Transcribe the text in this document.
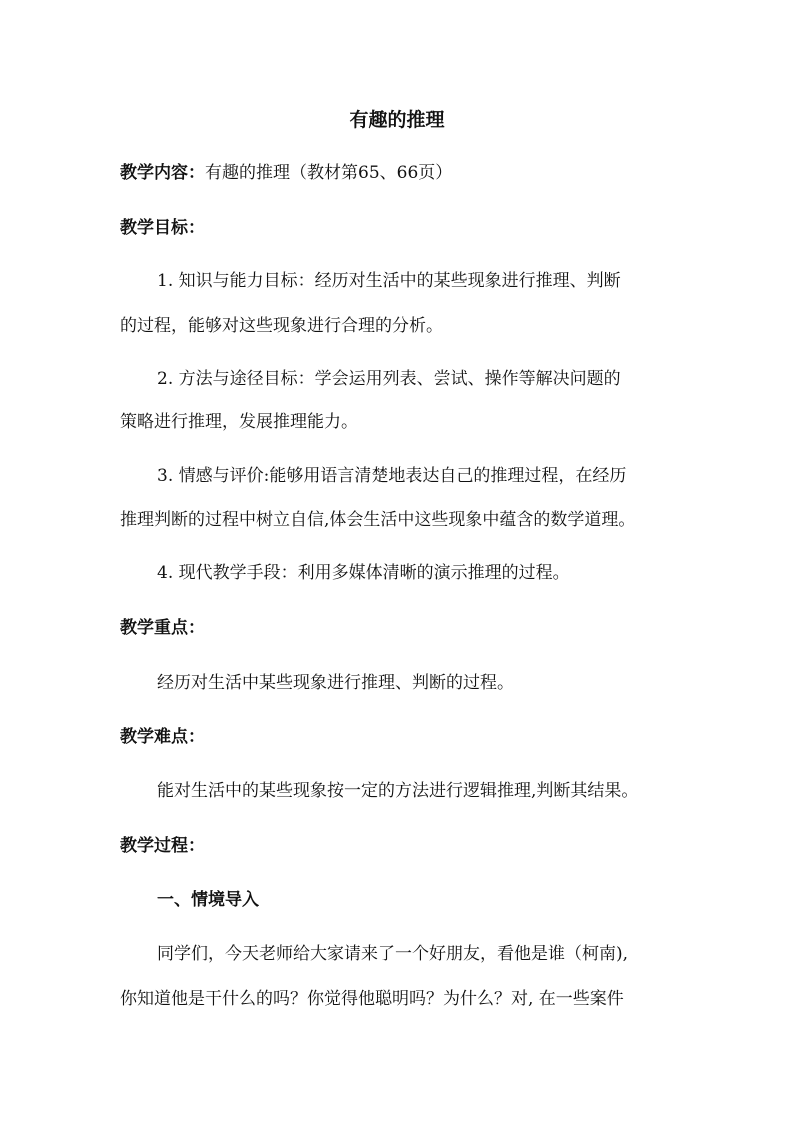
有趣的推理
教学内容：有趣的推理（教材第65、66页）
教学目标：
1. 知识与能力目标：经历对生活中的某些现象进行推理、判断
的过程，能够对这些现象进行合理的分析。
2. 方法与途径目标：学会运用列表、尝试、操作等解决问题的
策略进行推理，发展推理能力。
3. 情感与评价:能够用语言清楚地表达自己的推理过程，在经历
推理判断的过程中树立自信,体会生活中这些现象中蕴含的数学道理。
4. 现代教学手段：利用多媒体清晰的演示推理的过程。
教学重点：
经历对生活中某些现象进行推理、判断的过程。
教学难点：
能对生活中的某些现象按一定的方法进行逻辑推理,判断其结果。
教学过程：
一、情境导入
同学们，今天老师给大家请来了一个好朋友，看他是谁（柯南),
你知道他是干什么的吗？你觉得他聪明吗？为什么？对, 在一些案件
